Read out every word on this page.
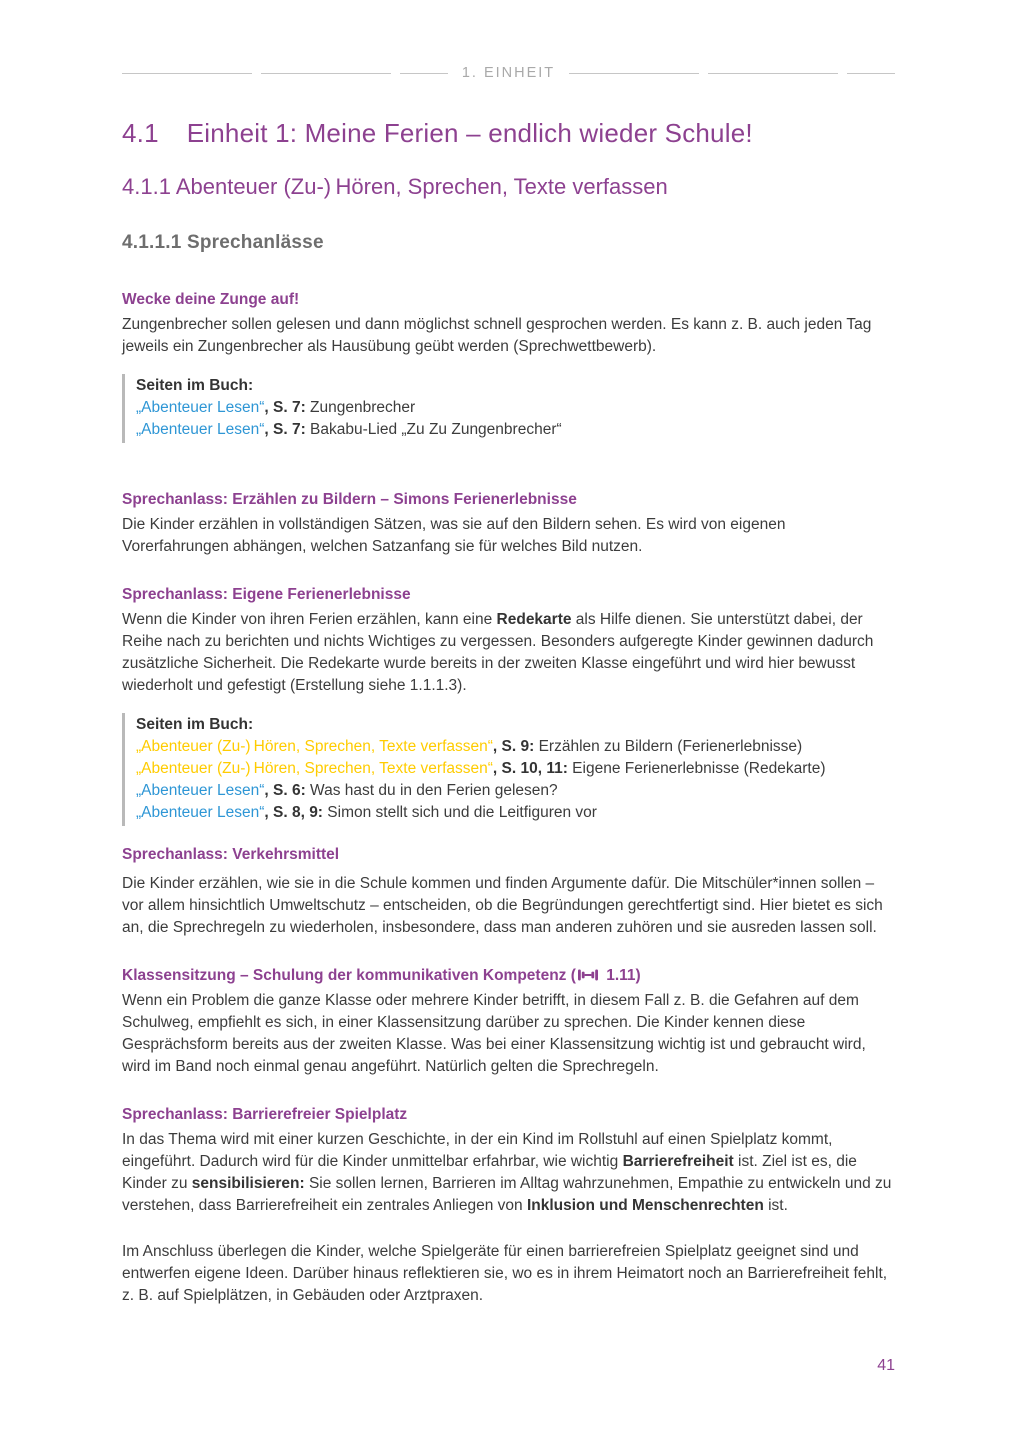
1. EINHEIT
4.1 Einheit 1: Meine Ferien – endlich wieder Schule!
4.1.1 Abenteuer (Zu-) Hören, Sprechen, Texte verfassen
4.1.1.1 Sprechanlässe
Wecke deine Zunge auf!

Zungenbrecher sollen gelesen und dann möglichst schnell gesprochen werden. Es kann z. B. auch jeden Tag jeweils ein Zungenbrecher als Hausübung geübt werden (Sprechwettbewerb).

Seiten im Buch:
„Abenteuer Lesen“, S. 7: Zungenbrecher
„Abenteuer Lesen“, S. 7: Bakabu-Lied „Zu Zu Zungenbrecher“
Sprechanlass: Erzählen zu Bildern – Simons Ferienerlebnisse

Die Kinder erzählen in vollständigen Sätzen, was sie auf den Bildern sehen. Es wird von eigenen Vorerfahrungen abhängen, welchen Satzanfang sie für welches Bild nutzen.

Sprechanlass: Eigene Ferienerlebnisse

Wenn die Kinder von ihren Ferien erzählen, kann eine Redekarte als Hilfe dienen. Sie unterstützt dabei, der Reihe nach zu berichten und nichts Wichtiges zu vergessen. Besonders aufgeregte Kinder gewinnen dadurch zusätzliche Sicherheit. Die Redekarte wurde bereits in der zweiten Klasse eingeführt und wird hier bewusst wiederholt und gefestigt (Erstellung siehe 1.1.1.3).

Seiten im Buch:
„Abenteuer (Zu-) Hören, Sprechen, Texte verfassen“, S. 9: Erzählen zu Bildern (Ferienerlebnisse)
„Abenteuer (Zu-) Hören, Sprechen, Texte verfassen“, S. 10, 11: Eigene Ferienerlebnisse (Redekarte)
„Abenteuer Lesen“, S. 6: Was hast du in den Ferien gelesen?
„Abenteuer Lesen“, S. 8, 9: Simon stellt sich und die Leitfiguren vor
Sprechanlass: Verkehrsmittel

Die Kinder erzählen, wie sie in die Schule kommen und finden Argumente dafür. Die Mitschüler*innen sollen – vor allem hinsichtlich Umweltschutz – entscheiden, ob die Begründungen gerechtfertigt sind. Hier bietet es sich an, die Sprechregeln zu wiederholen, insbesondere, dass man anderen zuhören und sie ausreden lassen soll.

Klassensitzung – Schulung der kommunikativen Kompetenz ( 1.11)

Wenn ein Problem die ganze Klasse oder mehrere Kinder betrifft, in diesem Fall z. B. die Gefahren auf dem Schulweg, empfiehlt es sich, in einer Klassensitzung darüber zu sprechen. Die Kinder kennen diese Gesprächsform bereits aus der zweiten Klasse. Was bei einer Klassensitzung wichtig ist und gebraucht wird, wird im Band noch einmal genau angeführt. Natürlich gelten die Sprechregeln.

Sprechanlass: Barrierefreier Spielplatz

In das Thema wird mit einer kurzen Geschichte, in der ein Kind im Rollstuhl auf einen Spielplatz kommt, eingeführt. Dadurch wird für die Kinder unmittelbar erfahrbar, wie wichtig Barrierefreiheit ist. Ziel ist es, die Kinder zu sensibilisieren: Sie sollen lernen, Barrieren im Alltag wahrzunehmen, Empathie zu entwickeln und zu verstehen, dass Barrierefreiheit ein zentrales Anliegen von Inklusion und Menschenrechten ist.

Im Anschluss überlegen die Kinder, welche Spielgeräte für einen barrierefreien Spielplatz geeignet sind und entwerfen eigene Ideen. Darüber hinaus reflektieren sie, wo es in ihrem Heimatort noch an Barrierefreiheit fehlt, z. B. auf Spielplätzen, in Gebäuden oder Arztpraxen.

41
